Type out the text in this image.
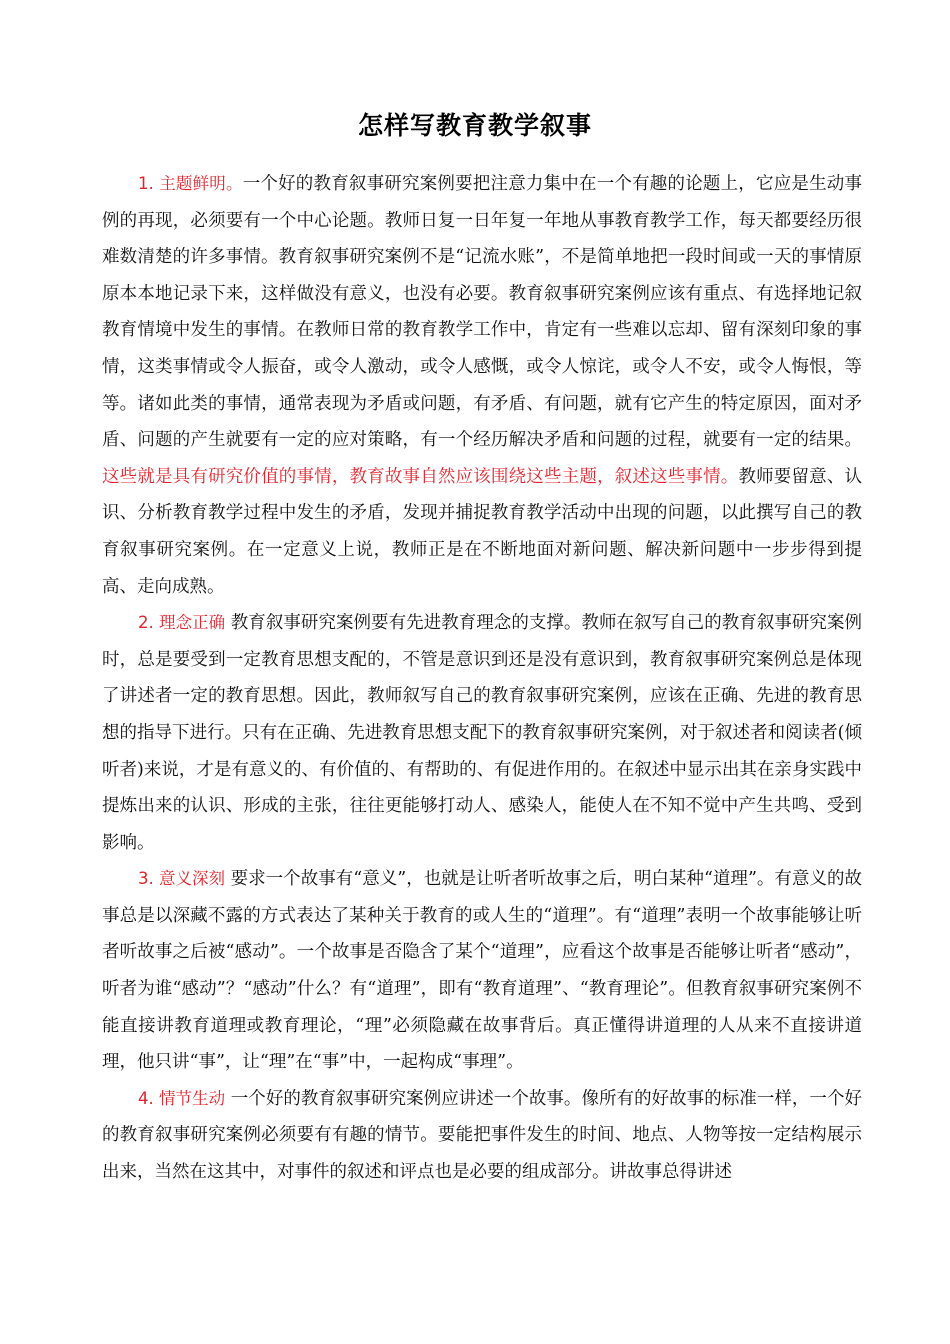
怎样写教育教学叙事

1. 主题鲜明。一个好的教育叙事研究案例要把注意力集中在一个有趣的论题上，它应是生动事例的再现，必须要有一个中心论题。教师日复一日年复一年地从事教育教学工作，每天都要经历很难数清楚的许多事情。教育叙事研究案例不是“记流水账”，不是简单地把一段时间或一天的事情原原本本地记录下来，这样做没有意义，也没有必要。教育叙事研究案例应该有重点、有选择地记叙教育情境中发生的事情。在教师日常的教育教学工作中，肯定有一些难以忘却、留有深刻印象的事情，这类事情或令人振奋，或令人激动，或令人感慨，或令人惊诧，或令人不安，或令人悔恨，等等。诸如此类的事情，通常表现为矛盾或问题，有矛盾、有问题，就有它产生的特定原因，面对矛盾、问题的产生就要有一定的应对策略，有一个经历解决矛盾和问题的过程，就要有一定的结果。这些就是具有研究价值的事情，教育故事自然应该围绕这些主题，叙述这些事情。教师要留意、认识、分析教育教学过程中发生的矛盾，发现并捕捉教育教学活动中出现的问题，以此撰写自己的教育叙事研究案例。在一定意义上说，教师正是在不断地面对新问题、解决新问题中一步步得到提高、走向成熟。

2. 理念正确 教育叙事研究案例要有先进教育理念的支撑。教师在叙写自己的教育叙事研究案例时，总是要受到一定教育思想支配的，不管是意识到还是没有意识到，教育叙事研究案例总是体现了讲述者一定的教育思想。因此，教师叙写自己的教育叙事研究案例，应该在正确、先进的教育思想的指导下进行。只有在正确、先进教育思想支配下的教育叙事研究案例，对于叙述者和阅读者(倾听者)来说，才是有意义的、有价值的、有帮助的、有促进作用的。在叙述中显示出其在亲身实践中提炼出来的认识、形成的主张，往往更能够打动人、感染人，能使人在不知不觉中产生共鸣、受到影响。

3. 意义深刻 要求一个故事有“意义”，也就是让听者听故事之后，明白某种“道理”。有意义的故事总是以深藏不露的方式表达了某种关于教育的或人生的“道理”。有“道理”表明一个故事能够让听者听故事之后被“感动”。一个故事是否隐含了某个“道理”，应看这个故事是否能够让听者“感动”，听者为谁“感动”？“感动”什么？有“道理”，即有“教育道理”、“教育理论”。但教育叙事研究案例不能直接讲教育道理或教育理论，“理”必须隐藏在故事背后。真正懂得讲道理的人从来不直接讲道理，他只讲“事”，让“理”在“事”中，一起构成“事理”。

4. 情节生动 一个好的教育叙事研究案例应讲述一个故事。像所有的好故事的标准一样，一个好的教育叙事研究案例必须要有有趣的情节。要能把事件发生的时间、地点、人物等按一定结构展示出来，当然在这其中，对事件的叙述和评点也是必要的组成部分。讲故事总得讲述
